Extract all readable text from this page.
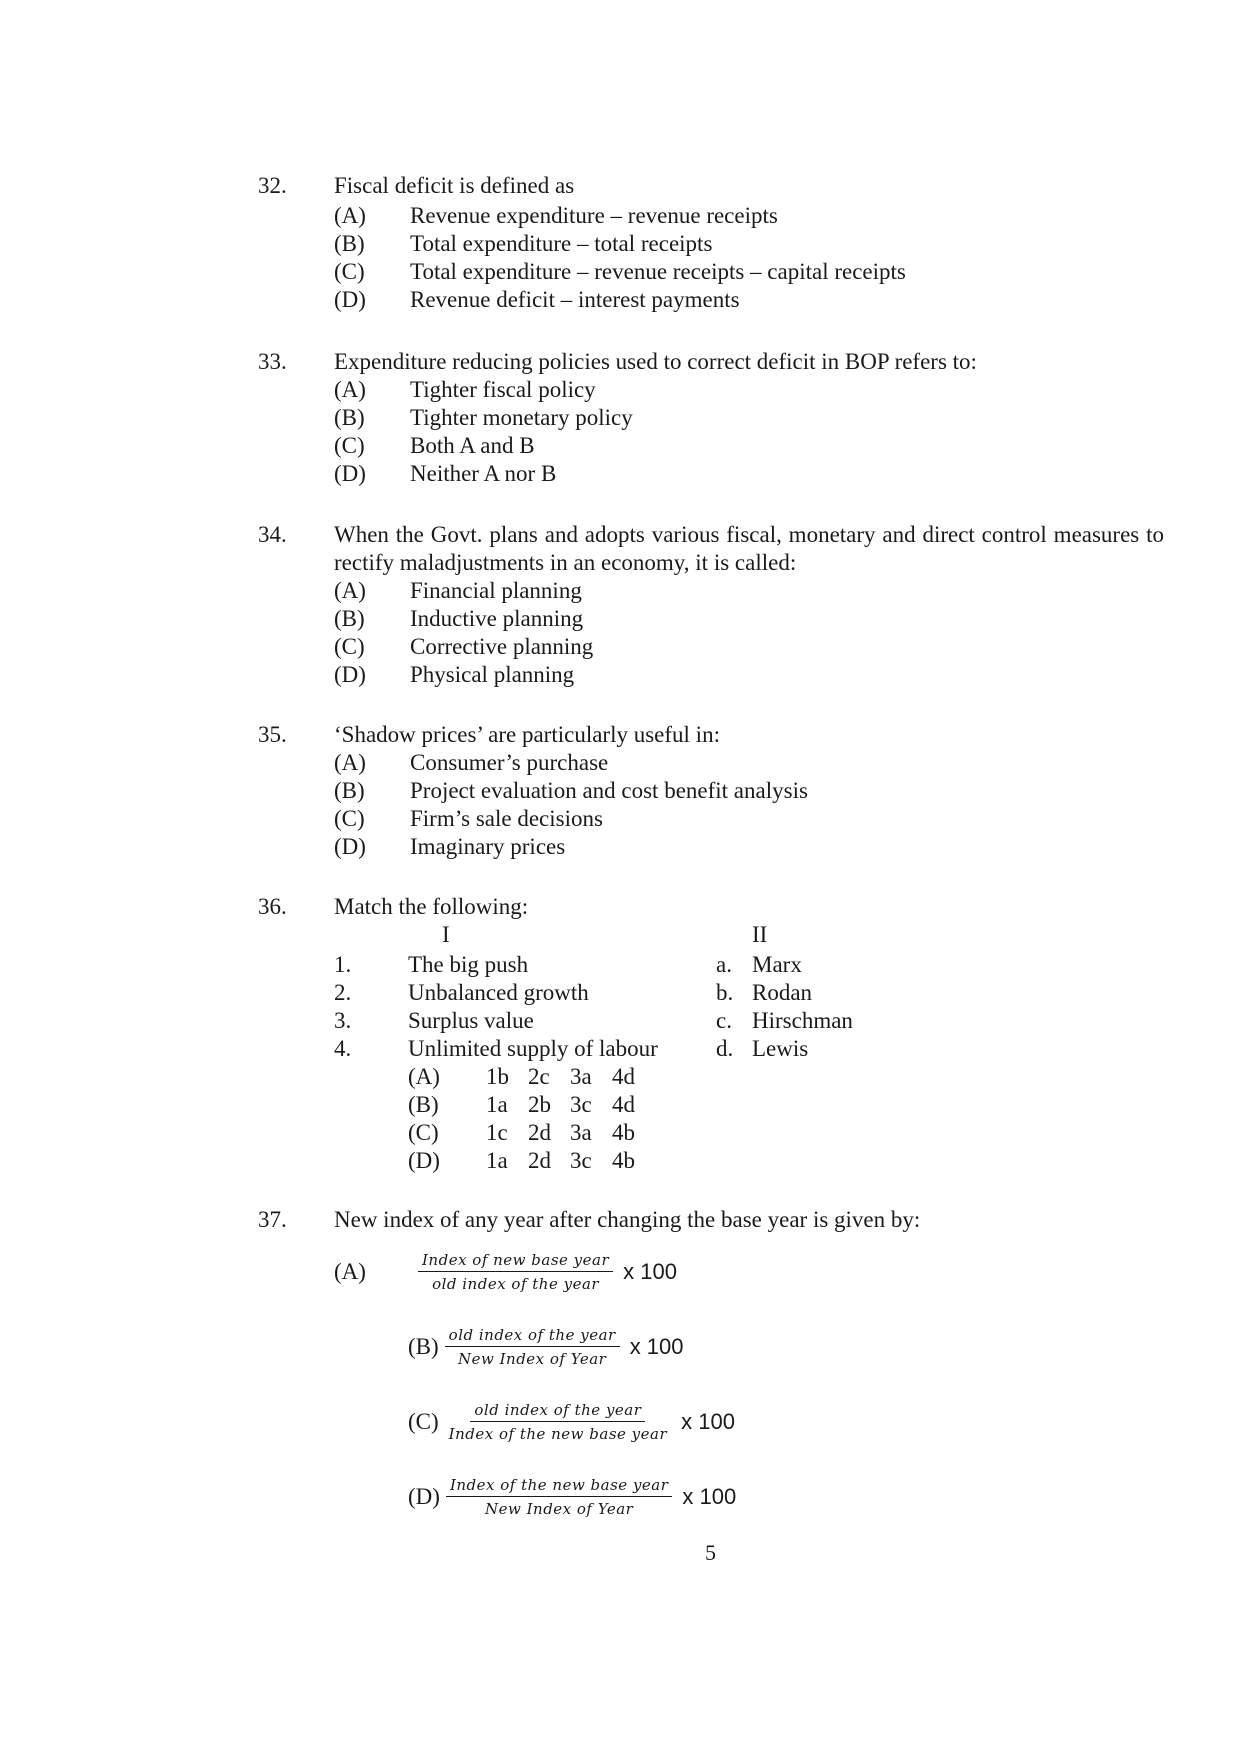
32. Fiscal deficit is defined as
(A) Revenue expenditure – revenue receipts
(B) Total expenditure – total receipts
(C) Total expenditure – revenue receipts – capital receipts
(D) Revenue deficit – interest payments
33. Expenditure reducing policies used to correct deficit in BOP refers to:
(A) Tighter fiscal policy
(B) Tighter monetary policy
(C) Both A and B
(D) Neither A nor B
34. When the Govt. plans and adopts various fiscal, monetary and direct control measures to rectify maladjustments in an economy, it is called:
(A) Financial planning
(B) Inductive planning
(C) Corrective planning
(D) Physical planning
35. ‘Shadow prices’ are particularly useful in:
(A) Consumer’s purchase
(B) Project evaluation and cost benefit analysis
(C) Firm’s sale decisions
(D) Imaginary prices
36. Match the following:
I	II
1. The big push	a. Marx
2. Unbalanced growth	b. Rodan
3. Surplus value	c. Hirschman
4. Unlimited supply of labour	d. Lewis
(A) 1b 2c 3a 4d
(B) 1a 2b 3c 4d
(C) 1c 2d 3a 4b
(D) 1a 2d 3c 4b
37. New index of any year after changing the base year is given by:
(A)	$\frac{\text{Index of new base year}}{\text{old index of the year}}$ x 100
$(B) \frac{\text{old index of the year}}{\text{New Index of Year}}$ x 100
$(C) \frac{\text{old index of the year}}{\text{Index of the new base year}}$ x 100
$(D) \frac{\text{Index of the new base year}}{\text{New Index of Year}}$ x 100
5
